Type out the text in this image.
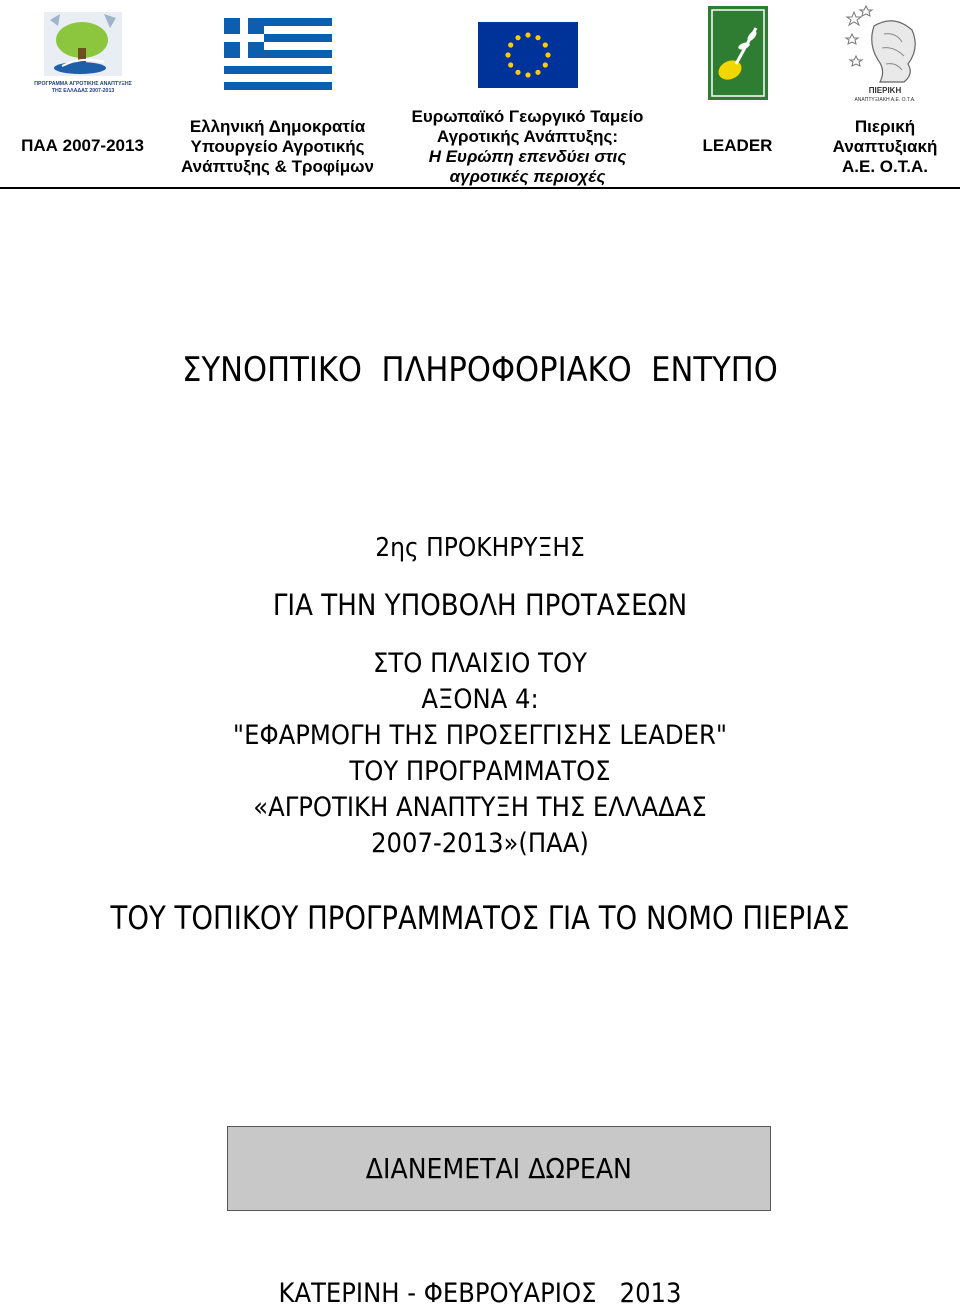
ΠΡΟΓΡΑΜΜΑ ΑΓΡΟΤΙΚΗΣ ΑΝΑΠΤΥΞΗΣ
ΤΗΣ ΕΛΛΑΔΑΣ 2007-2013
ΠΑΑ 2007-2013
Ελληνική Δημοκρατία
Υπουργείο Αγροτικής
Ανάπτυξης & Τροφίμων
Ευρωπαϊκό Γεωργικό Ταμείο
Αγροτικής Ανάπτυξης:
Η Ευρώπη επενδύει στις
αγροτικές περιοχές
LEADER
ΠΙΕΡΙΚΗ
ΑΝΑΠΤΥΞΙΑΚΗ Α.Ε. Ο.Τ.Α.
Πιερική
Αναπτυξιακή
Α.Ε. Ο.Τ.Α.
ΣΥΝΟΠΤΙΚΟ  ΠΛΗΡΟΦΟΡΙΑΚΟ  ΕΝΤΥΠΟ
2ης ΠΡΟΚΗΡΥΞΗΣ
ΓΙΑ ΤΗΝ ΥΠΟΒΟΛΗ ΠΡΟΤΑΣΕΩΝ
ΣΤΟ ΠΛΑΙΣΙΟ ΤΟΥ
ΑΞΟΝΑ 4:
"ΕΦΑΡΜΟΓΗ ΤΗΣ ΠΡΟΣΕΓΓΙΣΗΣ LEADER"
ΤΟΥ ΠΡΟΓΡΑΜΜΑΤΟΣ
«ΑΓΡΟΤΙΚΗ ΑΝΑΠΤΥΞΗ ΤΗΣ ΕΛΛΑΔΑΣ
2007-2013»(ΠΑΑ)
ΤΟΥ ΤΟΠΙΚΟΥ ΠΡΟΓΡΑΜΜΑΤΟΣ ΓΙΑ ΤΟ ΝΟΜΟ ΠΙΕΡΙΑΣ
ΔΙΑΝΕΜΕΤΑΙ ΔΩΡΕΑΝ
ΚΑΤΕΡΙΝΗ - ΦΕΒΡΟΥΑΡΙΟΣ   2013
